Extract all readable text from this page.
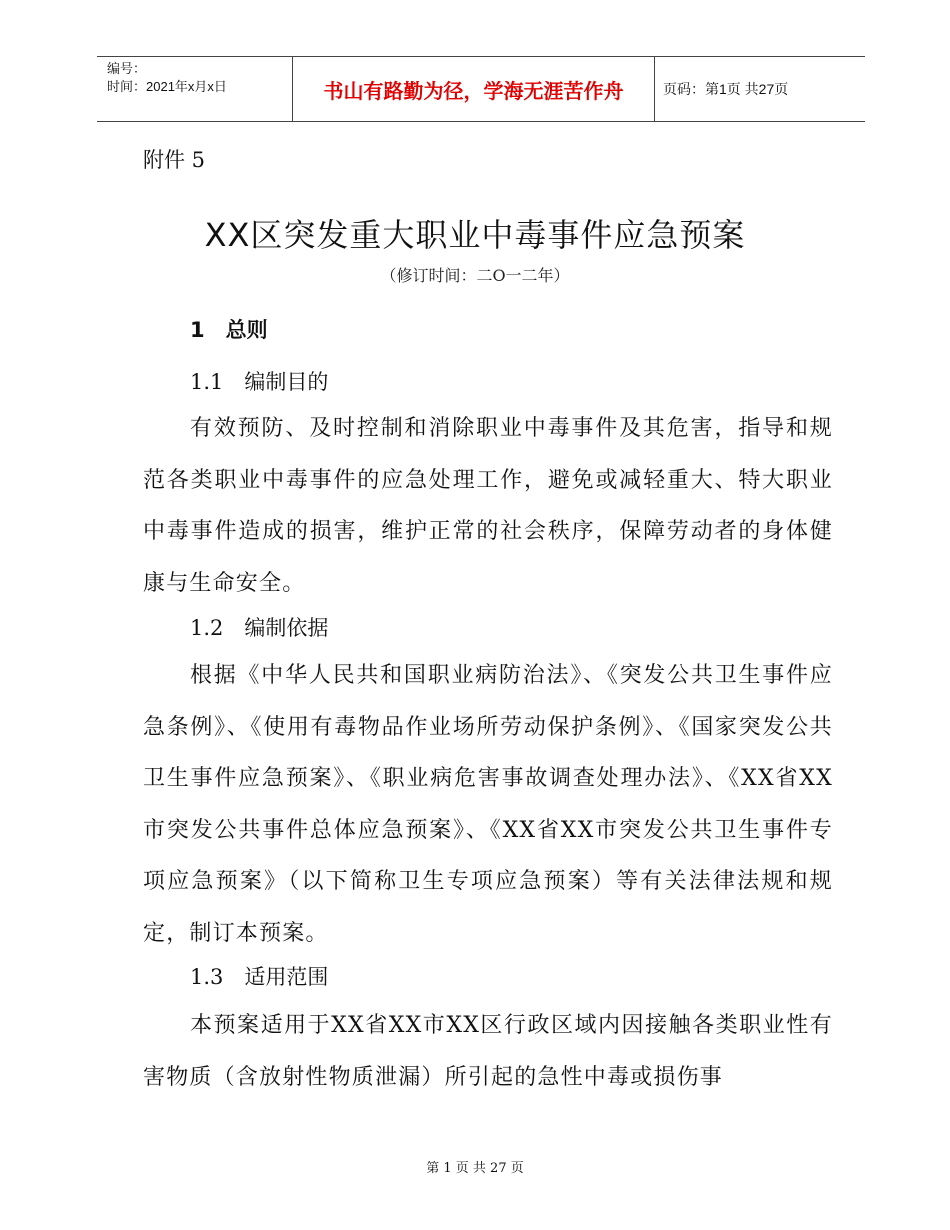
编号：
时间：2021年x月x日	书山有路勤为径，学海无涯苦作舟	页码：第1页 共27页
附件 5
XX区突发重大职业中毒事件应急预案
（修订时间：二O一二年）
1　总则
1.1　编制目的
有效预防、及时控制和消除职业中毒事件及其危害，指导和规范各类职业中毒事件的应急处理工作，避免或减轻重大、特大职业中毒事件造成的损害，维护正常的社会秩序，保障劳动者的身体健康与生命安全。
1.2　编制依据
根据《中华人民共和国职业病防治法》、《突发公共卫生事件应急条例》、《使用有毒物品作业场所劳动保护条例》、《国家突发公共卫生事件应急预案》、《职业病危害事故调查处理办法》、《XX省XX市突发公共事件总体应急预案》、《XX省XX市突发公共卫生事件专项应急预案》（以下简称卫生专项应急预案）等有关法律法规和规定，制订本预案。
1.3　适用范围
本预案适用于XX省XX市XX区行政区域内因接触各类职业性有害物质（含放射性物质泄漏）所引起的急性中毒或损伤事
第 1 页 共 27 页
